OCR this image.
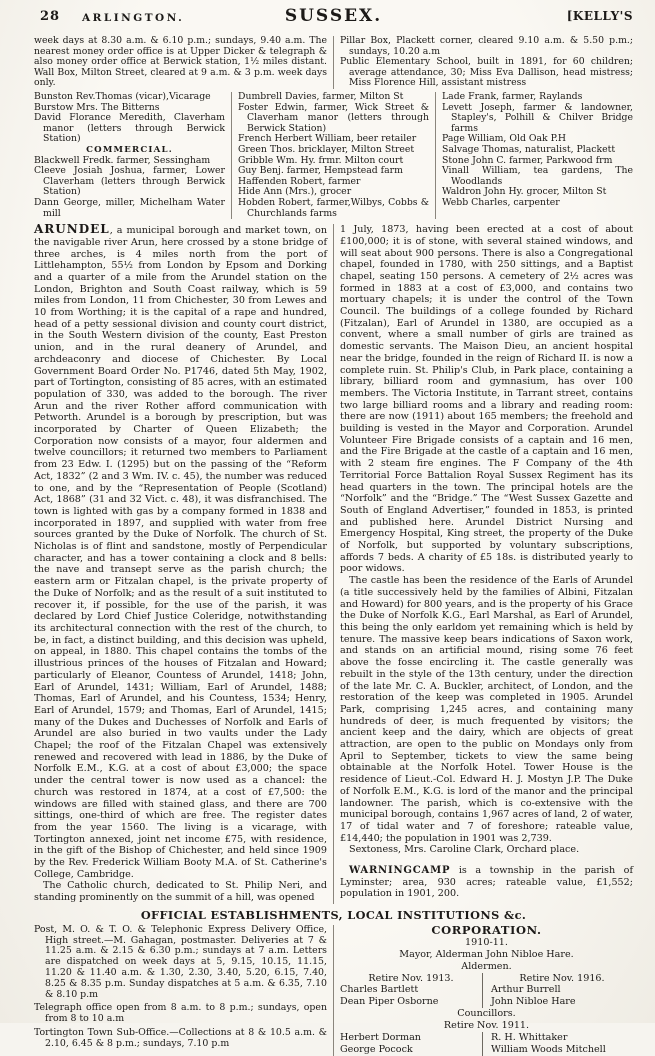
28 ARLINGTON.	SUSSEX.	[KELLY'S
week days at 8.30 a.m. & 6.10 p.m.; sundays, 9.40 a.m. The nearest money order office is at Upper Dicker & telegraph & also money order office at Berwick station, 1½ miles distant. Wall Box, Milton Street, cleared at 9 a.m. & 3 p.m. week days only.

Pillar Box, Plackett corner, cleared 9.10 a.m. & 5.50 p.m.; sundays, 10.20 a.m

Public Elementary School, built in 1891, for 60 children; average attendance, 30; Miss Eva Dallison, head mistress; Miss Florence Hill, assistant mistress

Bunston Rev.Thomas (vicar),Vicarage

Burstow Mrs. The Bitterns

David Florance Meredith, Claverham manor (letters through Berwick Station)

COMMERCIAL.

Blackwell Fredk. farmer, Sessingham

Cleeve Josiah Joshua, farmer, Lower Claverham (letters through Berwick Station)

Dann George, miller, Michelham Water mill

Dumbrell Davies, farmer, Milton St

Foster Edwin, farmer, Wick Street & Claverham manor (letters through Berwick Station)

French Herbert William, beer retailer

Green Thos. bricklayer, Milton Street

Gribble Wm. Hy. frmr. Milton court

Guy Benj. farmer, Hempstead farm

Haffenden Robert, farmer

Hide Ann (Mrs.), grocer

Hobden Robert, farmer,Wilbys, Cobbs & Churchlands farms

Lade Frank, farmer, Raylands

Levett Joseph, farmer & landowner, Stapley's, Polhill & Chilver Bridge farms

Page William, Old Oak P.H

Salvage Thomas, naturalist, Plackett

Stone John C. farmer, Parkwood frm

Vinall William, tea gardens, The Woodlands

Waldron John Hy. grocer, Milton St

Webb Charles, carpenter

ARUNDEL, a municipal borough and market town, on the navigable river Arun, here crossed by a stone bridge of three arches, is 4 miles north from the port of Littlehampton, 55½ from London by Epsom and Dorking and a quarter of a mile from the Arundel station on the London, Brighton and South Coast railway, which is 59 miles from London, 11 from Chichester, 30 from Lewes and 10 from Worthing; it is the capital of a rape and hundred, head of a petty sessional division and county court district, in the South Western division of the county, East Preston union, and in the rural deanery of Arundel, and archdeaconry and diocese of Chichester. By Local Government Board Order No. P1746, dated 5th May, 1902, part of Tortington, consisting of 85 acres, with an estimated population of 330, was added to the borough. The river Arun and the river Rother afford communication with Petworth. Arundel is a borough by prescription, but was incorporated by Charter of Queen Elizabeth; the Corporation now consists of a mayor, four aldermen and twelve councillors; it returned two members to Parliament from 23 Edw. I. (1295) but on the passing of the “Reform Act, 1832” (2 and 3 Wm. IV. c. 45), the number was reduced to one, and by the “Representation of People (Scotland) Act, 1868” (31 and 32 Vict. c. 48), it was disfranchised. The town is lighted with gas by a company formed in 1838 and incorporated in 1897, and supplied with water from free sources granted by the Duke of Norfolk. The church of St. Nicholas is of flint and sandstone, mostly of Perpendicular character, and has a tower containing a clock and 8 bells: the nave and transept serve as the parish church; the eastern arm or Fitzalan chapel, is the private property of the Duke of Norfolk; and as the result of a suit instituted to recover it, if possible, for the use of the parish, it was declared by Lord Chief Justice Coleridge, notwithstanding its architectural connection with the rest of the church, to be, in fact, a distinct building, and this decision was upheld, on appeal, in 1880. This chapel contains the tombs of the illustrious princes of the houses of Fitzalan and Howard; particularly of Eleanor, Countess of Arundel, 1418; John, Earl of Arundel, 1431; William, Earl of Arundel, 1488; Thomas, Earl of Arundel, and his Countess, 1534; Henry, Earl of Arundel, 1579; and Thomas, Earl of Arundel, 1415; many of the Dukes and Duchesses of Norfolk and Earls of Arundel are also buried in two vaults under the Lady Chapel; the roof of the Fitzalan Chapel was extensively renewed and recovered with lead in 1886, by the Duke of Norfolk E.M., K.G. at a cost of about £3,000; the space under the central tower is now used as a chancel: the church was restored in 1874, at a cost of £7,500: the windows are filled with stained glass, and there are 700 sittings, one-third of which are free. The register dates from the year 1560. The living is a vicarage, with Tortington annexed, joint net income £75, with residence, in the gift of the Bishop of Chichester, and held since 1909 by the Rev. Frederick William Booty M.A. of St. Catherine's College, Cambridge.

The Catholic church, dedicated to St. Philip Neri, and standing prominently on the summit of a hill, was opened

1 July, 1873, having been erected at a cost of about £100,000; it is of stone, with several stained windows, and will seat about 900 persons. There is also a Congregational chapel, founded in 1780, with 250 sittings, and a Baptist chapel, seating 150 persons. A cemetery of 2½ acres was formed in 1883 at a cost of £3,000, and contains two mortuary chapels; it is under the control of the Town Council. The buildings of a college founded by Richard (Fitzalan), Earl of Arundel in 1380, are occupied as a convent, where a small number of girls are trained as domestic servants. The Maison Dieu, an ancient hospital near the bridge, founded in the reign of Richard II. is now a complete ruin. St. Philip's Club, in Park place, containing a library, billiard room and gymnasium, has over 100 members. The Victoria Institute, in Tarrant street, contains two large billiard rooms and a library and reading room: there are now (1911) about 165 members; the freehold and building is vested in the Mayor and Corporation. Arundel Volunteer Fire Brigade consists of a captain and 16 men, and the Fire Brigade at the castle of a captain and 16 men, with 2 steam fire engines. The F Company of the 4th Territorial Force Battalion Royal Sussex Regiment has its head quarters in the town. The principal hotels are the “Norfolk” and the “Bridge.” The “West Sussex Gazette and South of England Advertiser,” founded in 1853, is printed and published here. Arundel District Nursing and Emergency Hospital, King street, the property of the Duke of Norfolk, but supported by voluntary subscriptions, affords 7 beds. A charity of £5 18s. is distributed yearly to poor widows.

The castle has been the residence of the Earls of Arundel (a title successively held by the families of Albini, Fitzalan and Howard) for 800 years, and is the property of his Grace the Duke of Norfolk K.G., Earl Marshal, as Earl of Arundel, this being the only earldom yet remaining which is held by tenure. The massive keep bears indications of Saxon work, and stands on an artificial mound, rising some 76 feet above the fosse encircling it. The castle generally was rebuilt in the style of the 13th century, under the direction of the late Mr. C. A. Buckler, architect, of London, and the restoration of the keep was completed in 1905. Arundel Park, comprising 1,245 acres, and containing many hundreds of deer, is much frequented by visitors; the ancient keep and the dairy, which are objects of great attraction, are open to the public on Mondays only from April to September, tickets to view the same being obtainable at the Norfolk Hotel. Tower House is the residence of Lieut.-Col. Edward H. J. Mostyn J.P. The Duke of Norfolk E.M., K.G. is lord of the manor and the principal landowner. The parish, which is co-extensive with the municipal borough, contains 1,967 acres of land, 2 of water, 17 of tidal water and 7 of foreshore; rateable value, £14,440; the population in 1901 was 2,739.

Sextoness, Mrs. Caroline Clark, Orchard place.

WARNINGCAMP is a township in the parish of Lyminster; area, 930 acres; rateable value, £1,552; population in 1901, 200.

OFFICIAL ESTABLISHMENTS, LOCAL INSTITUTIONS &c.

Post, M. O. & T. O. & Telephonic Express Delivery Office, High street.—M. Gahagan, postmaster. Deliveries at 7 & 11.25 a.m. & 2.15 & 6.30 p.m.; sundays at 7 a.m. Letters are dispatched on week days at 5, 9.15, 10.15, 11.15, 11.20 & 11.40 a.m. & 1.30, 2.30, 3.40, 5.20, 6.15, 7.40, 8.25 & 8.35 p.m. Sunday dispatches at 5 a.m. & 6.35, 7.10 & 8.10 p.m

Telegraph office open from 8 a.m. to 8 p.m.; sundays, open from 8 to 10 a.m

Tortington Town Sub-Office.—Collections at 8 & 10.5 a.m. & 2.10, 6.45 & 8 p.m.; sundays, 7.10 p.m

CORPORATION.

1910-11.

Mayor, Alderman John Nibloe Hare.

Aldermen.

Retire Nov. 1913.

Charles Bartlett

Dean Piper Osborne

Retire Nov. 1916.

Arthur Burrell

John Nibloe Hare

Councillors.

Retire Nov. 1911.

Herbert Dorman

George Pocock

R. H. Whittaker

William Woods Mitchell
